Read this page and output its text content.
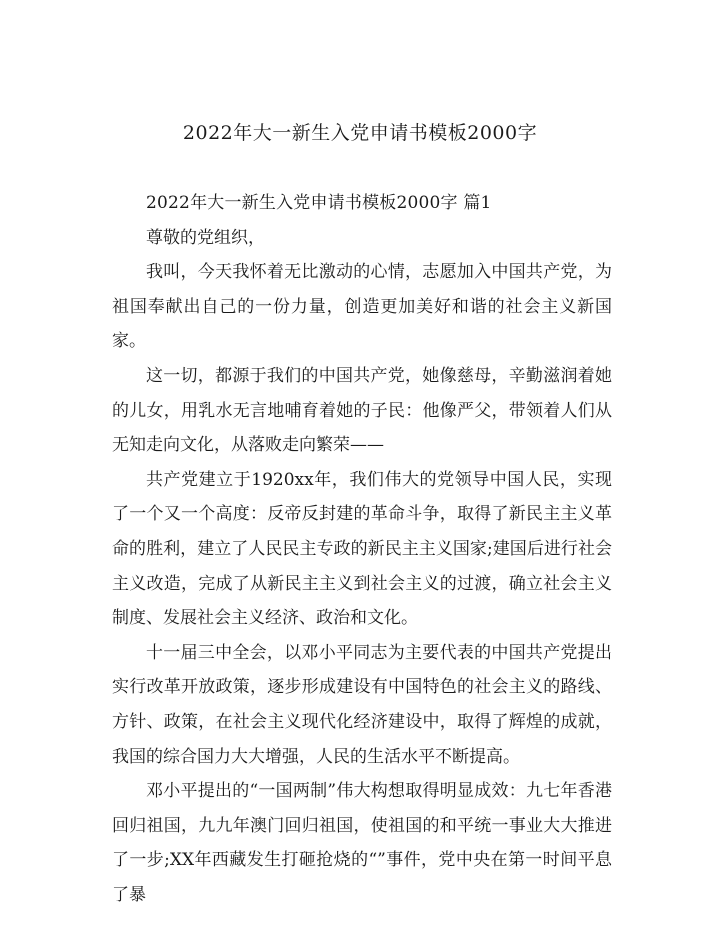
2022年大一新生入党申请书模板2000字

2022年大一新生入党申请书模板2000字 篇1

尊敬的党组织，

我叫，今天我怀着无比激动的心情，志愿加入中国共产党，为祖国奉献出自己的一份力量，创造更加美好和谐的社会主义新国家。

这一切，都源于我们的中国共产党，她像慈母，辛勤滋润着她的儿女，用乳水无言地哺育着她的子民：他像严父，带领着人们从无知走向文化，从落败走向繁荣——

共产党建立于1920xx年，我们伟大的党领导中国人民，实现了一个又一个高度：反帝反封建的革命斗争，取得了新民主主义革命的胜利，建立了人民民主专政的新民主主义国家;建国后进行社会主义改造，完成了从新民主主义到社会主义的过渡，确立社会主义制度、发展社会主义经济、政治和文化。

十一届三中全会，以邓小平同志为主要代表的中国共产党提出实行改革开放政策，逐步形成建设有中国特色的社会主义的路线、方针、政策，在社会主义现代化经济建设中，取得了辉煌的成就，我国的综合国力大大增强，人民的生活水平不断提高。

邓小平提出的“一国两制”伟大构想取得明显成效：九七年香港回归祖国，九九年澳门回归祖国，使祖国的和平统一事业大大推进了一步;XX年西藏发生打砸抢烧的“”事件，党中央在第一时间平息了暴
